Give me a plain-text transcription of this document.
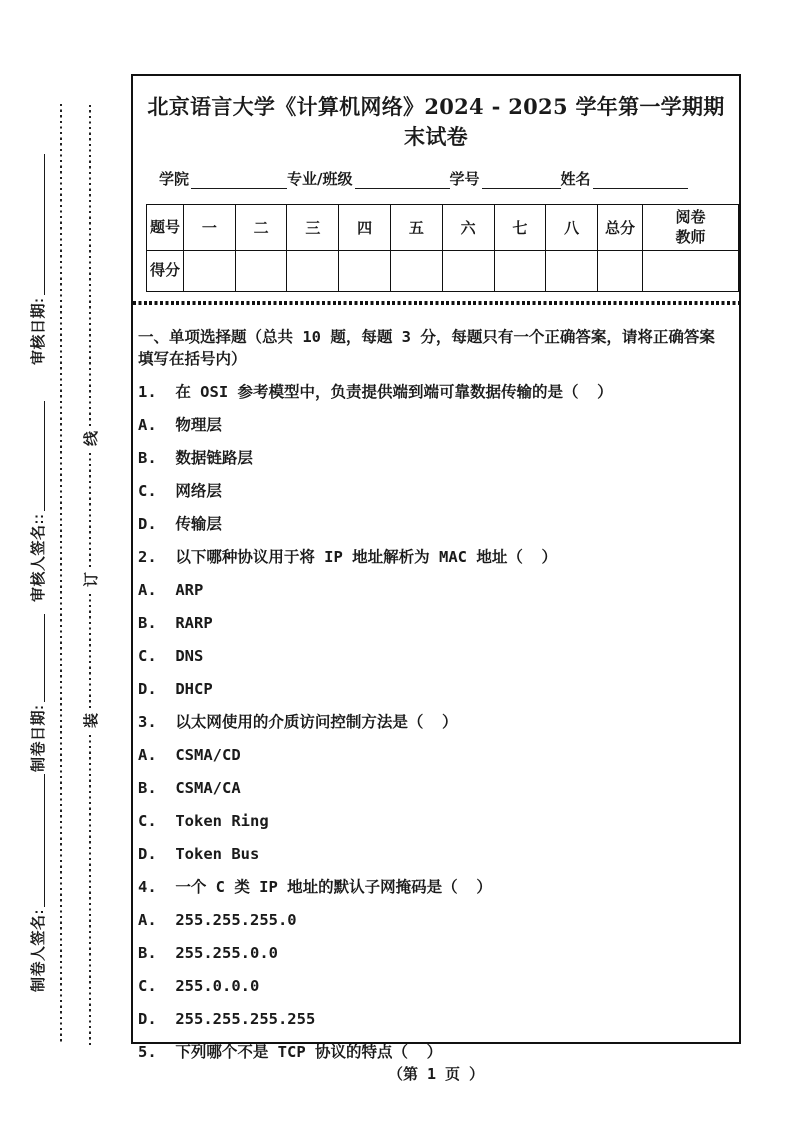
审核日期:
审核人签名::
制卷日期:
制卷人签名:
装
订
线
北京语言大学《计算机网络》2024 - 2025 学年第一学期期末试卷
学院	专业/班级	学号	姓名
题号	一	二	三	四	五	六	七	八	总分	阅卷教师

得分										

一、单项选择题（总共 10 题，每题 3 分，每题只有一个正确答案，请将正确答案填写在括号内）

1.  在 OSI 参考模型中，负责提供端到端可靠数据传输的是（  ）

A.  物理层

B.  数据链路层

C.  网络层

D.  传输层

2.  以下哪种协议用于将 IP 地址解析为 MAC 地址（  ）

A.  ARP

B.  RARP

C.  DNS

D.  DHCP

3.  以太网使用的介质访问控制方法是（  ）

A.  CSMA/CD

B.  CSMA/CA

C.  Token Ring

D.  Token Bus

4.  一个 C 类 IP 地址的默认子网掩码是（  ）

A.  255.255.255.0

B.  255.255.0.0

C.  255.0.0.0

D.  255.255.255.255

5.  下列哪个不是 TCP 协议的特点（  ）

（第 1 页 ）
